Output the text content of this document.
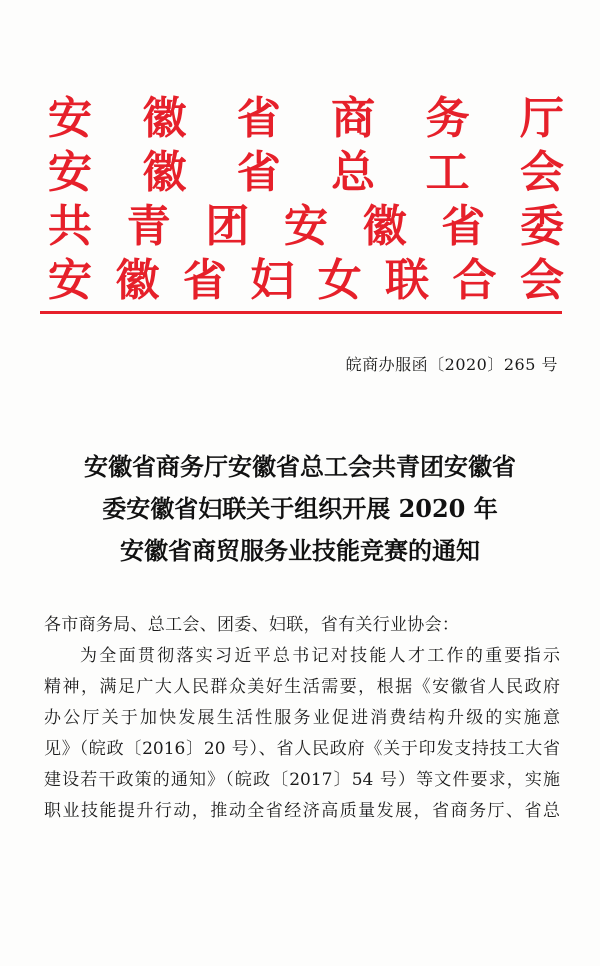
安 徽 省 商 务 厅
安 徽 省 总 工 会
共 青 团 安 徽 省 委
安 徽 省 妇 女 联 合 会
皖商办服函〔2020〕265 号
安徽省商务厅安徽省总工会共青团安徽省
委安徽省妇联关于组织开展 2020 年
安徽省商贸服务业技能竞赛的通知

各市商务局、总工会、团委、妇联，省有关行业协会：

为全面贯彻落实习近平总书记对技能人才工作的重要指示

精神，满足广大人民群众美好生活需要，根据《安徽省人民政府

办公厅关于加快发展生活性服务业促进消费结构升级的实施意

见》（皖政〔2016〕20 号）、省人民政府《关于印发支持技工大省

建设若干政策的通知》（皖政〔2017〕54 号）等文件要求，实施

职业技能提升行动，推动全省经济高质量发展，省商务厅、省总
